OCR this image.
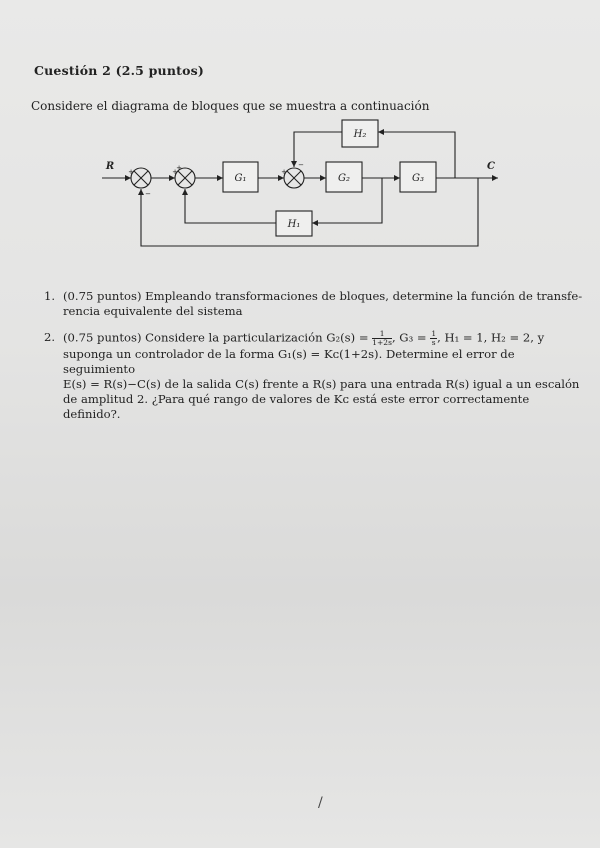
Cuestión 2 (2.5 puntos)
Considere el diagrama de bloques que se muestra a continuación
G₁	G₂	G₃
H₂
H₁
R	C
+
−
+
+	+
−
1. (0.75 puntos) Empleando transformaciones de bloques, determine la función de transfe-
rencia equivalente del sistema
2. (0.75 puntos) Considere la particularización $G_2(s) = \frac{1}{1+2s}$ , $G_3 = \frac{1}{s}$ , H₁ = 1, H₂ = 2, y
suponga un controlador de la forma G₁(s) = Kᴄ(1+2s). Determine el error de seguimiento
E(s) = R(s)−C(s) de la salida C(s) frente a R(s) para una entrada R(s) igual a un escalón
de amplitud 2. ¿Para qué rango de valores de Kᴄ está este error correctamente definido?.
/
